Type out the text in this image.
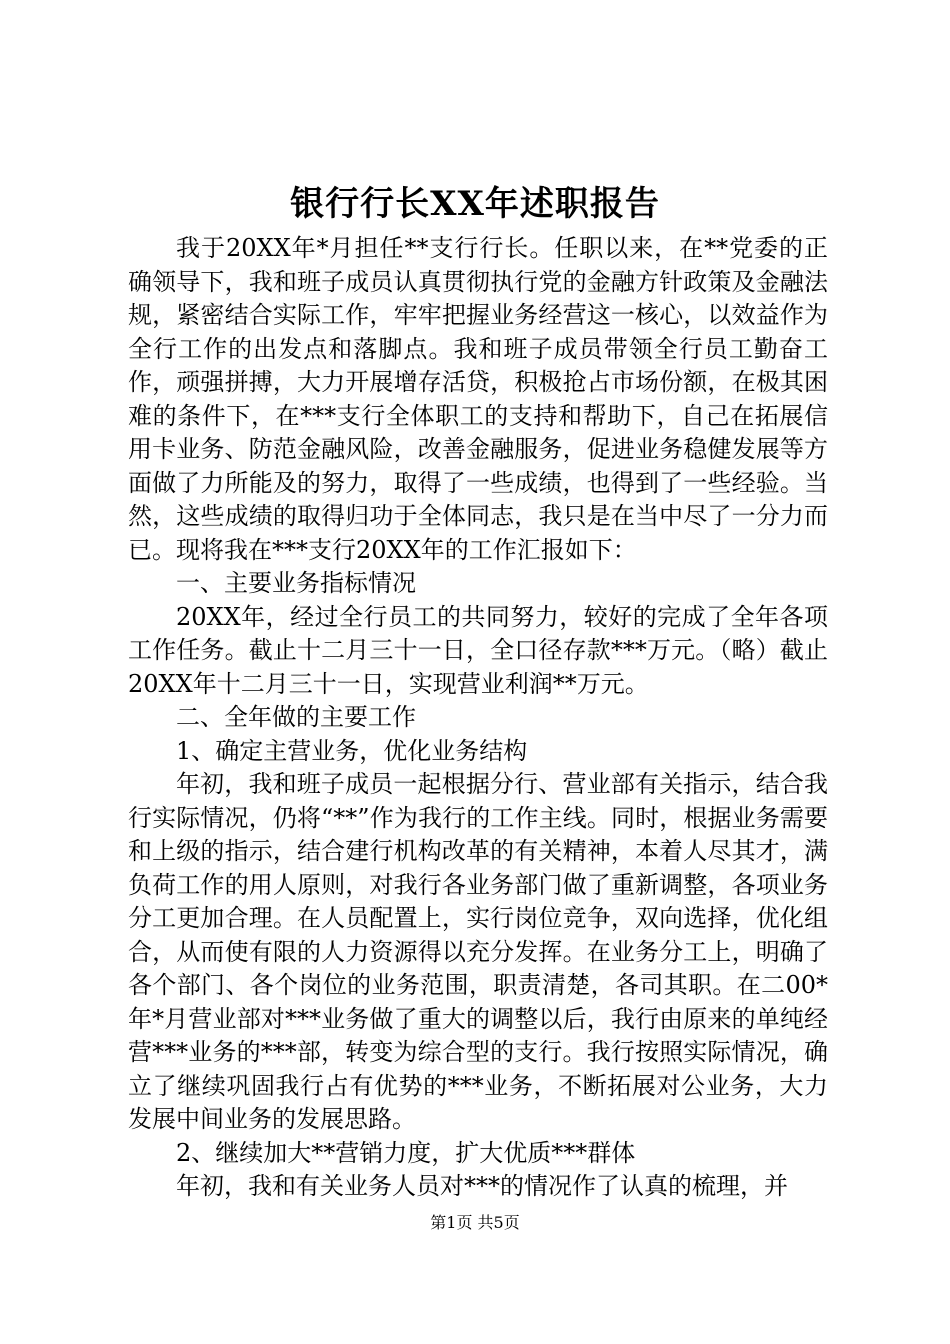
银行行长XX年述职报告

我于20XX年*月担任**支行行长。任职以来，在**党委的正确领导下，我和班子成员认真贯彻执行党的金融方针政策及金融法规，紧密结合实际工作，牢牢把握业务经营这一核心，以效益作为全行工作的出发点和落脚点。我和班子成员带领全行员工勤奋工作，顽强拼搏，大力开展增存活贷，积极抢占市场份额，在极其困难的条件下，在***支行全体职工的支持和帮助下，自己在拓展信用卡业务、防范金融风险，改善金融服务，促进业务稳健发展等方面做了力所能及的努力，取得了一些成绩，也得到了一些经验。当然，这些成绩的取得归功于全体同志，我只是在当中尽了一分力而已。现将我在***支行20XX年的工作汇报如下：

一、主要业务指标情况

20XX年，经过全行员工的共同努力，较好的完成了全年各项工作任务。截止十二月三十一日，全口径存款***万元。（略）截止20XX年十二月三十一日，实现营业利润**万元。

二、全年做的主要工作

1、确定主营业务，优化业务结构

年初，我和班子成员一起根据分行、营业部有关指示，结合我行实际情况，仍将“**”作为我行的工作主线。同时，根据业务需要和上级的指示，结合建行机构改革的有关精神，本着人尽其才，满负荷工作的用人原则，对我行各业务部门做了重新调整，各项业务分工更加合理。在人员配置上，实行岗位竞争，双向选择，优化组合，从而使有限的人力资源得以充分发挥。在业务分工上，明确了各个部门、各个岗位的业务范围，职责清楚，各司其职。在二00*年*月营业部对***业务做了重大的调整以后，我行由原来的单纯经营***业务的***部，转变为综合型的支行。我行按照实际情况，确立了继续巩固我行占有优势的***业务，不断拓展对公业务，大力发展中间业务的发展思路。

2、继续加大**营销力度，扩大优质***群体

年初，我和有关业务人员对***的情况作了认真的梳理，并

第1页 共5页
